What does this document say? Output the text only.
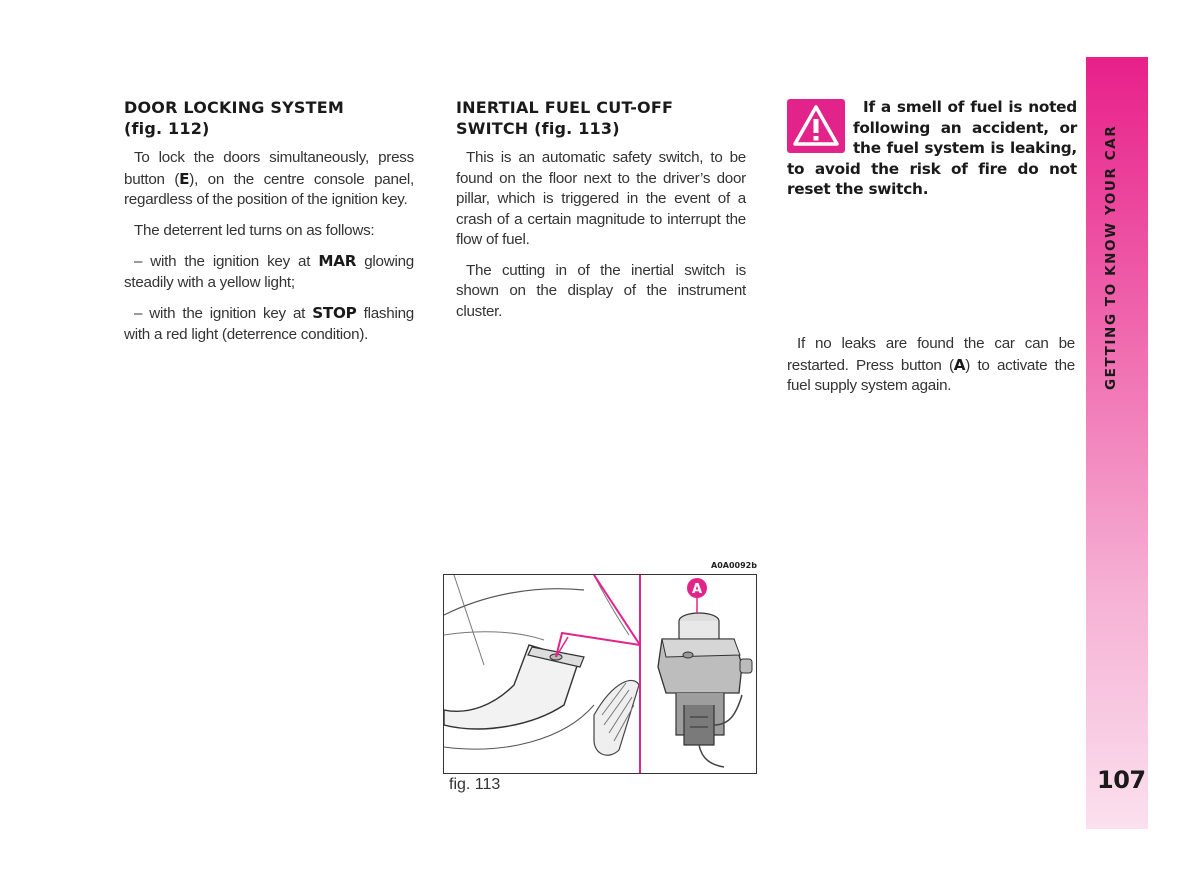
DOOR LOCKING SYSTEM
(fig. 112)

To lock the doors simultaneously, press button (E), on the centre console panel, regardless of the position of the ignition key.

The deterrent led turns on as follows:

– with the ignition key at MAR glowing steadily with a yellow light;

– with the ignition key at STOP flashing with a red light (deterrence condition).

INERTIAL FUEL CUT-OFF
SWITCH (fig. 113)

This is an automatic safety switch, to be found on the floor next to the driver’s door pillar, which is triggered in the event of a crash of a certain magnitude to interrupt the flow of fuel.

The cutting in of the inertial switch is shown on the display of the instrument cluster.

If a smell of fuel is noted following an accident, or the fuel system is leaking, to avoid the risk of fire do not reset the switch.

If no leaks are found the car can be restarted. Press button (A) to activate the fuel supply system again.

A0A0092b
A
fig. 113
GETTING TO KNOW YOUR CAR
107
